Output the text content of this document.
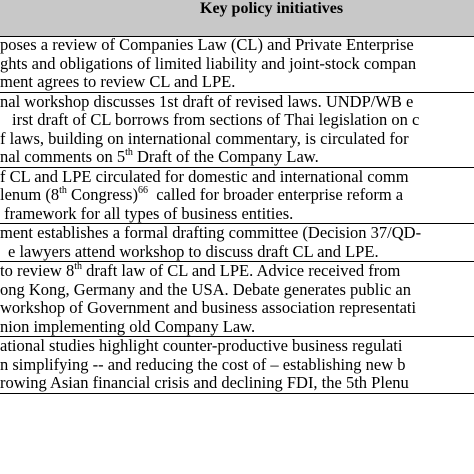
Key policy initiatives
poses a review of Companies Law (CL) and Private Enterprise
ghts and obligations of limited liability and joint-stock compan
ment agrees to review CL and LPE.
nal workshop discusses 1st draft of revised laws. UNDP/WB e
irst draft of CL borrows from sections of Thai legislation on c
f laws, building on international commentary, is circulated for
nal comments on 5th Draft of the Company Law.
f CL and LPE circulated for domestic and international comm
lenum (8th Congress)$^{66}$  called for broader enterprise reform a
framework for all types of business entities.
ment establishes a formal drafting committee (Decision 37/QD-
e lawyers attend workshop to discuss draft CL and LPE.
to review 8th draft law of CL and LPE. Advice received from
ong Kong, Germany and the USA. Debate generates public an
workshop of Government and business association representati
nion implementing old Company Law.
ational studies highlight counter-productive business regulati
n simplifying -- and reducing the cost of – establishing new b
rowing Asian financial crisis and declining FDI, the 5th Plenu
